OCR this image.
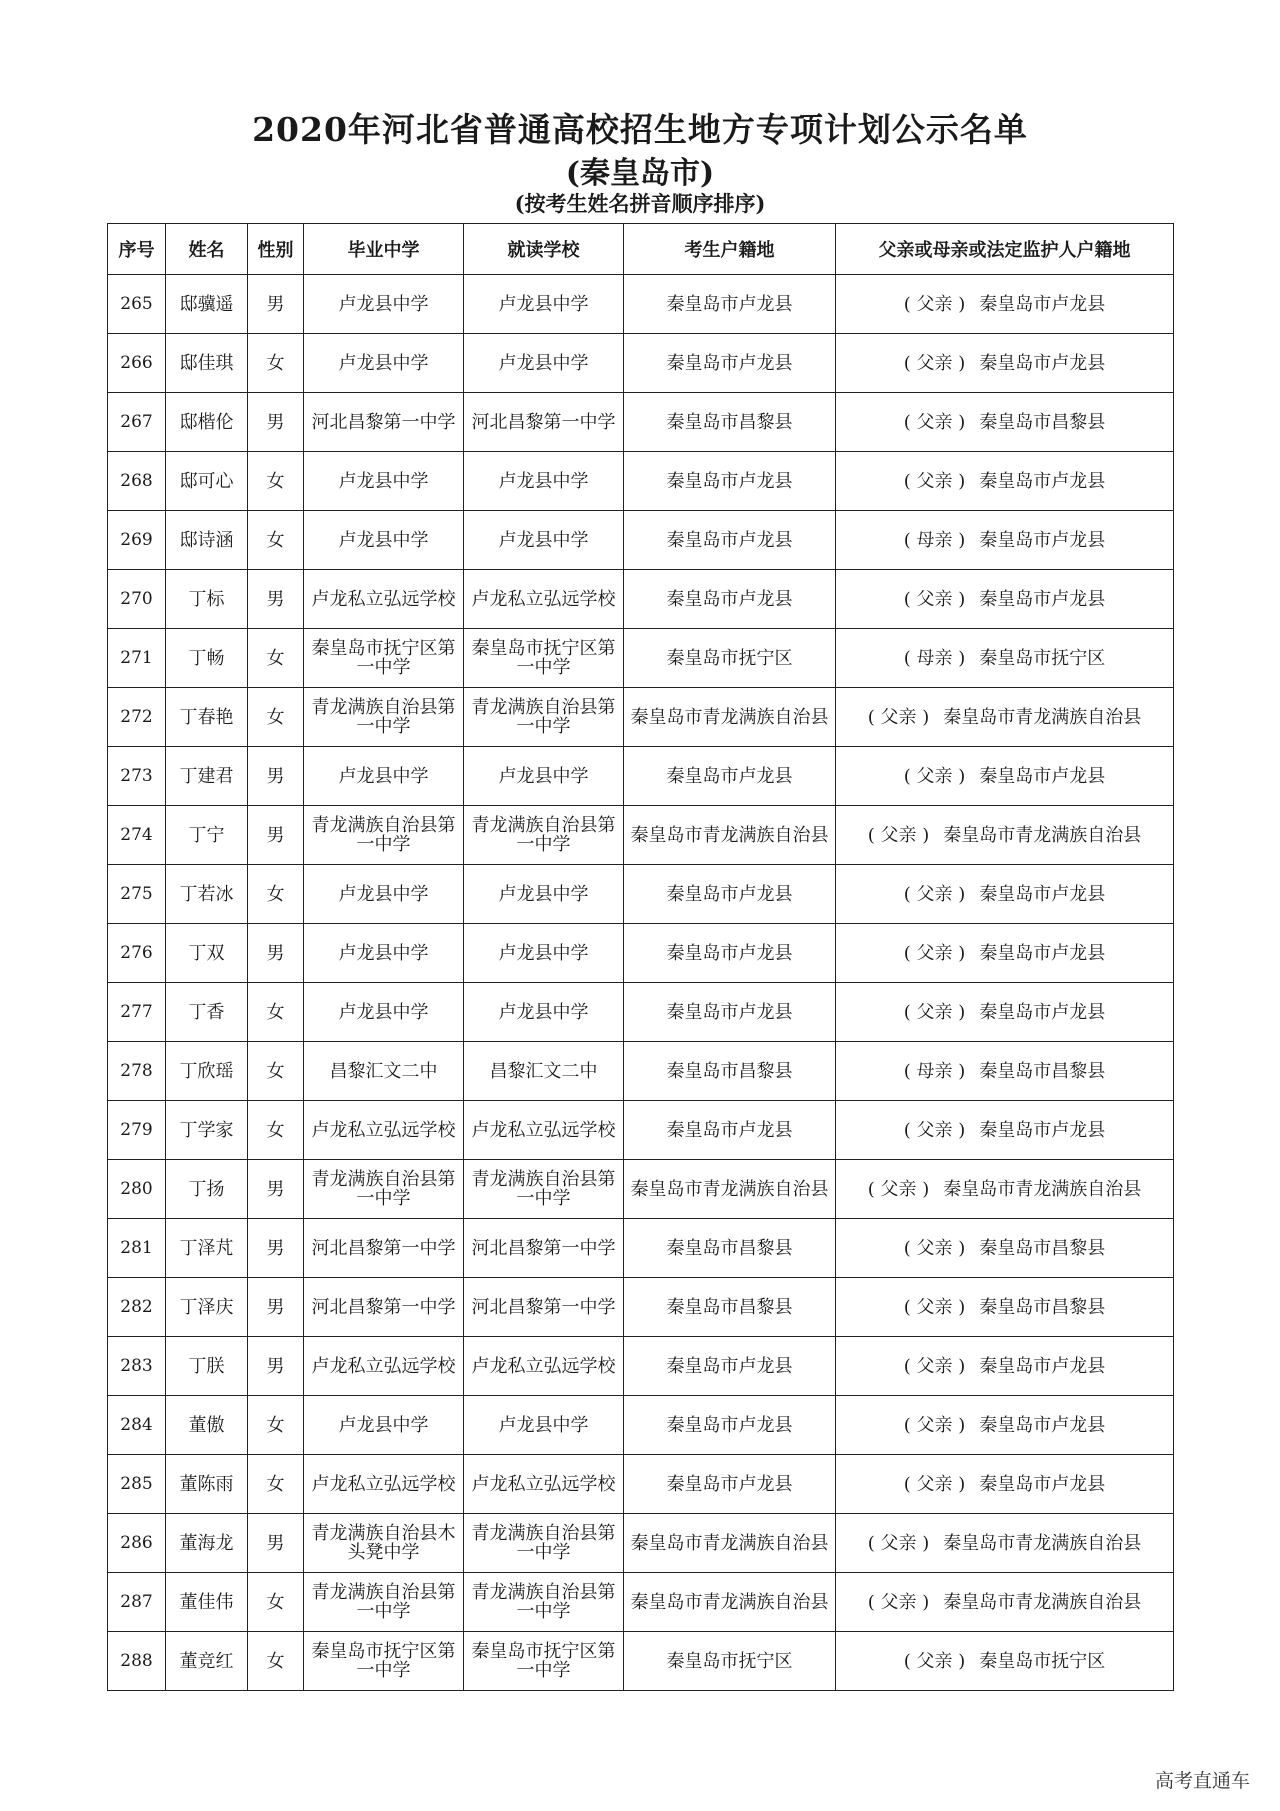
2020年河北省普通高校招生地方专项计划公示名单
(秦皇岛市)
(按考生姓名拼音顺序排序)
序号	姓名	性别	毕业中学	就读学校	考生户籍地	父亲或母亲或法定监护人户籍地
265	邸骥遥	男	卢龙县中学	卢龙县中学	秦皇岛市卢龙县	( 父亲 ) 秦皇岛市卢龙县
266	邸佳琪	女	卢龙县中学	卢龙县中学	秦皇岛市卢龙县	( 父亲 ) 秦皇岛市卢龙县
267	邸楷伦	男	河北昌黎第一中学	河北昌黎第一中学	秦皇岛市昌黎县	( 父亲 ) 秦皇岛市昌黎县
268	邸可心	女	卢龙县中学	卢龙县中学	秦皇岛市卢龙县	( 父亲 ) 秦皇岛市卢龙县
269	邸诗涵	女	卢龙县中学	卢龙县中学	秦皇岛市卢龙县	( 母亲 ) 秦皇岛市卢龙县
270	丁标	男	卢龙私立弘远学校	卢龙私立弘远学校	秦皇岛市卢龙县	( 父亲 ) 秦皇岛市卢龙县
271	丁畅	女	秦皇岛市抚宁区第一中学	秦皇岛市抚宁区第一中学	秦皇岛市抚宁区	( 母亲 ) 秦皇岛市抚宁区
272	丁春艳	女	青龙满族自治县第一中学	青龙满族自治县第一中学	秦皇岛市青龙满族自治县	( 父亲 ) 秦皇岛市青龙满族自治县
273	丁建君	男	卢龙县中学	卢龙县中学	秦皇岛市卢龙县	( 父亲 ) 秦皇岛市卢龙县
274	丁宁	男	青龙满族自治县第一中学	青龙满族自治县第一中学	秦皇岛市青龙满族自治县	( 父亲 ) 秦皇岛市青龙满族自治县
275	丁若冰	女	卢龙县中学	卢龙县中学	秦皇岛市卢龙县	( 父亲 ) 秦皇岛市卢龙县
276	丁双	男	卢龙县中学	卢龙县中学	秦皇岛市卢龙县	( 父亲 ) 秦皇岛市卢龙县
277	丁香	女	卢龙县中学	卢龙县中学	秦皇岛市卢龙县	( 父亲 ) 秦皇岛市卢龙县
278	丁欣瑶	女	昌黎汇文二中	昌黎汇文二中	秦皇岛市昌黎县	( 母亲 ) 秦皇岛市昌黎县
279	丁学家	女	卢龙私立弘远学校	卢龙私立弘远学校	秦皇岛市卢龙县	( 父亲 ) 秦皇岛市卢龙县
280	丁扬	男	青龙满族自治县第一中学	青龙满族自治县第一中学	秦皇岛市青龙满族自治县	( 父亲 ) 秦皇岛市青龙满族自治县
281	丁泽芃	男	河北昌黎第一中学	河北昌黎第一中学	秦皇岛市昌黎县	( 父亲 ) 秦皇岛市昌黎县
282	丁泽庆	男	河北昌黎第一中学	河北昌黎第一中学	秦皇岛市昌黎县	( 父亲 ) 秦皇岛市昌黎县
283	丁朕	男	卢龙私立弘远学校	卢龙私立弘远学校	秦皇岛市卢龙县	( 父亲 ) 秦皇岛市卢龙县
284	董傲	女	卢龙县中学	卢龙县中学	秦皇岛市卢龙县	( 父亲 ) 秦皇岛市卢龙县
285	董陈雨	女	卢龙私立弘远学校	卢龙私立弘远学校	秦皇岛市卢龙县	( 父亲 ) 秦皇岛市卢龙县
286	董海龙	男	青龙满族自治县木头凳中学	青龙满族自治县第一中学	秦皇岛市青龙满族自治县	( 父亲 ) 秦皇岛市青龙满族自治县
287	董佳伟	女	青龙满族自治县第一中学	青龙满族自治县第一中学	秦皇岛市青龙满族自治县	( 父亲 ) 秦皇岛市青龙满族自治县
288	董竞红	女	秦皇岛市抚宁区第一中学	秦皇岛市抚宁区第一中学	秦皇岛市抚宁区	( 父亲 ) 秦皇岛市抚宁区
高考直通车
